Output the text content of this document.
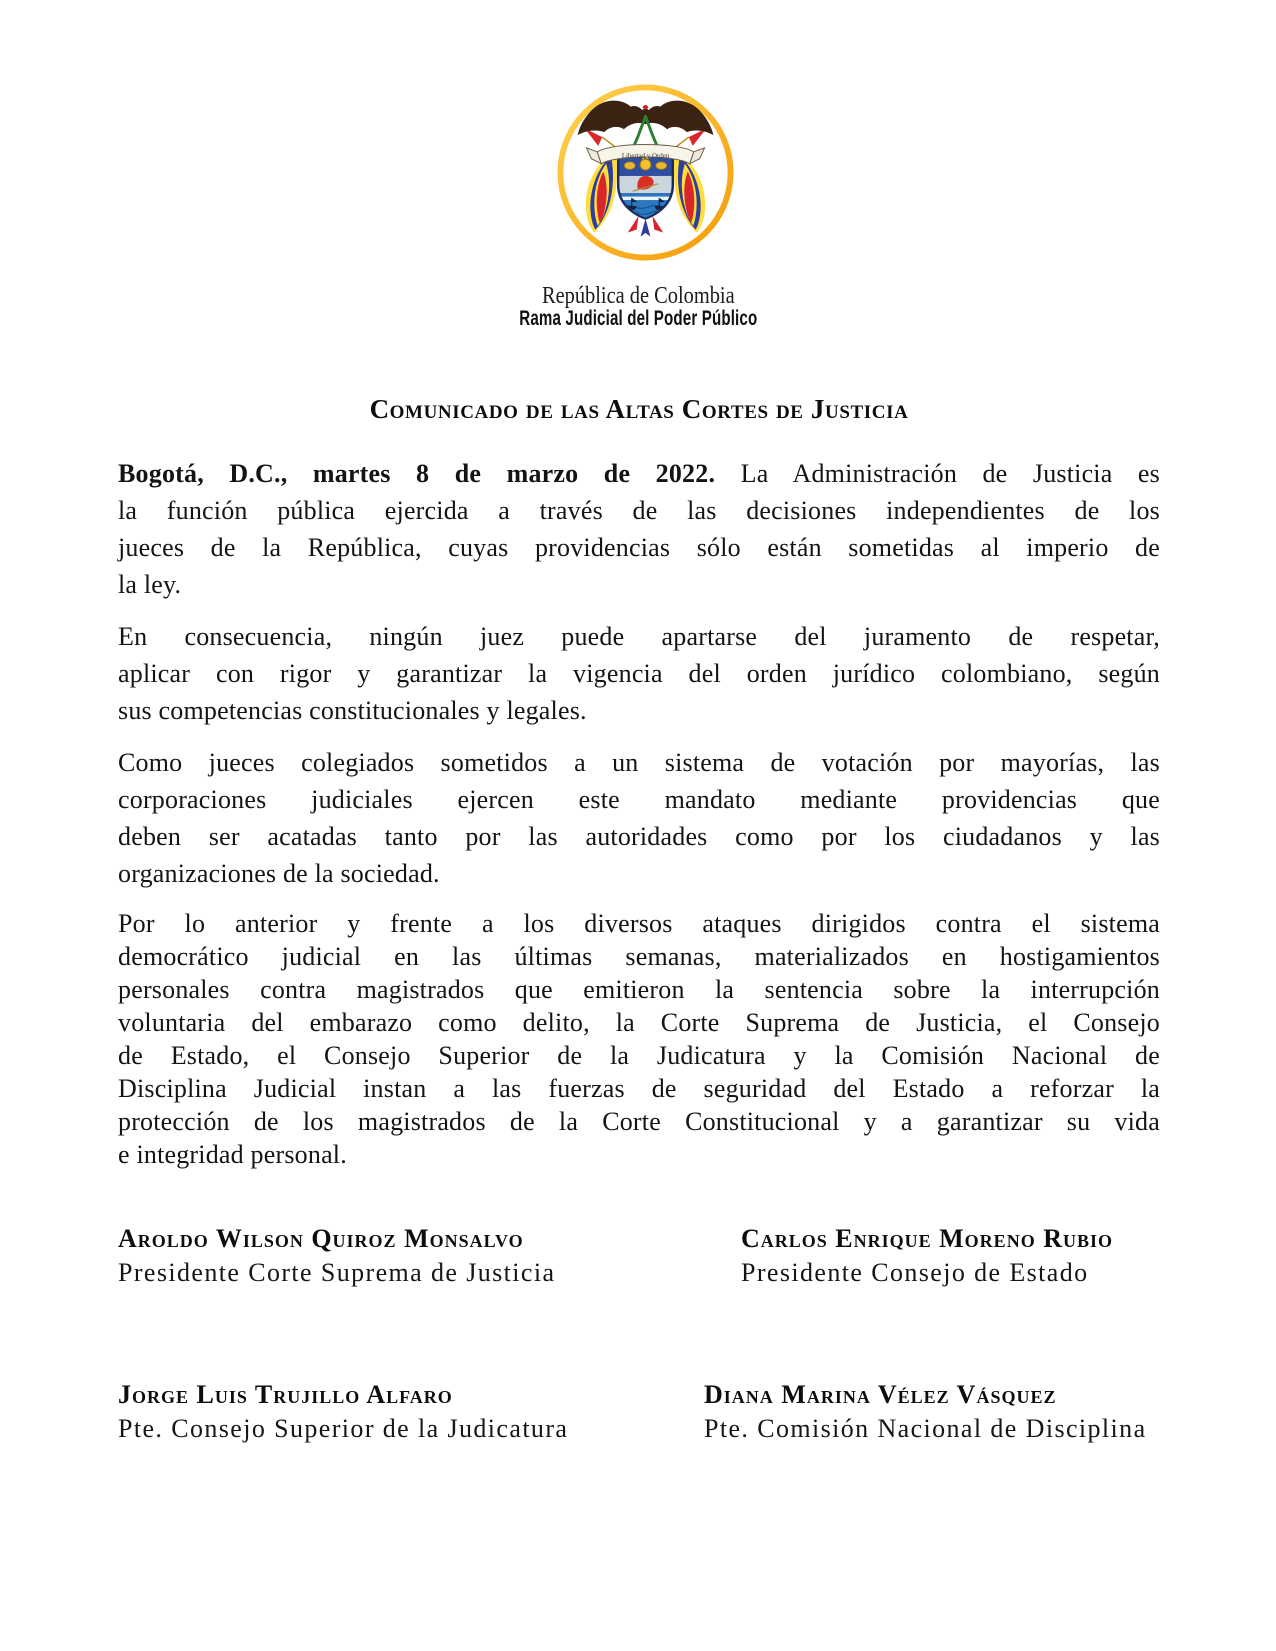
Libertad y Orden
República de Colombia
Rama Judicial del Poder Público
Comunicado de las Altas Cortes de Justicia
Bogotá, D.C., martes 8 de marzo de 2022. La Administración de Justicia es
la función pública ejercida a través de las decisiones independientes de los
jueces de la República, cuyas providencias sólo están sometidas al imperio de
la ley.
En consecuencia, ningún juez puede apartarse del juramento de respetar,
aplicar con rigor y garantizar la vigencia del orden jurídico colombiano, según
sus competencias constitucionales y legales.
Como jueces colegiados sometidos a un sistema de votación por mayorías, las
corporaciones judiciales ejercen este mandato mediante providencias que
deben ser acatadas tanto por las autoridades como por los ciudadanos y las
organizaciones de la sociedad.
Por lo anterior y frente a los diversos ataques dirigidos contra el sistema
democrático judicial en las últimas semanas, materializados en hostigamientos
personales contra magistrados que emitieron la sentencia sobre la interrupción
voluntaria del embarazo como delito, la Corte Suprema de Justicia, el Consejo
de Estado, el Consejo Superior de la Judicatura y la Comisión Nacional de
Disciplina Judicial instan a las fuerzas de seguridad del Estado a reforzar la
protección de los magistrados de la Corte Constitucional y a garantizar su vida
e integridad personal.
Aroldo Wilson Quiroz Monsalvo
Presidente Corte Suprema de Justicia
Carlos Enrique Moreno Rubio
Presidente Consejo de Estado
Jorge Luis Trujillo Alfaro
Pte. Consejo Superior de la Judicatura
Diana Marina Vélez Vásquez
Pte. Comisión Nacional de Disciplina
